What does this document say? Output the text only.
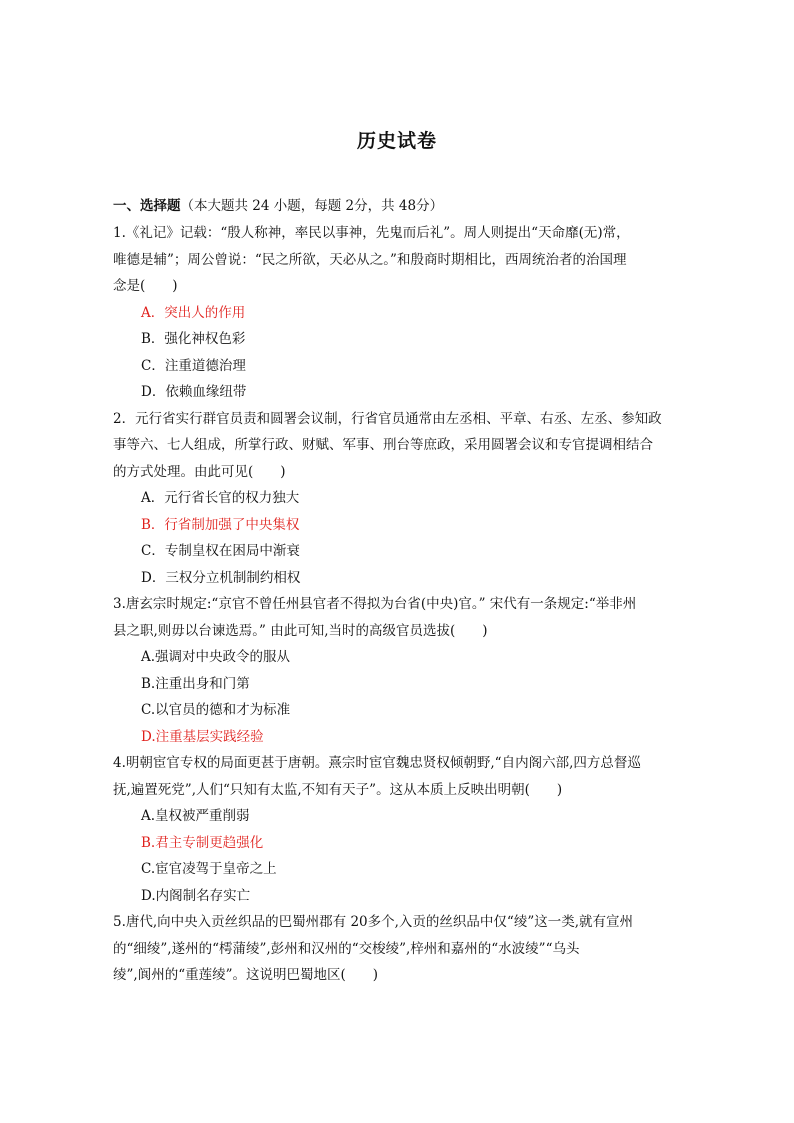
历史试卷
一、选择题（本大题共 24 小题，每题 2分，共 48分）
1.《礼记》记载：“殷人称神，率民以事神，先鬼而后礼”。周人则提出“天命靡(无)常，
唯德是辅”；周公曾说：“民之所欲，天必从之。”和殷商时期相比，西周统治者的治国理
念是(　　)
A．突出人的作用
B．强化神权色彩
C．注重道德治理
D．依赖血缘纽带
2．元行省实行群官员责和圆署会议制，行省官员通常由左丞相、平章、右丞、左丞、参知政
事等六、七人组成，所掌行政、财赋、军事、刑台等庶政，采用圆署会议和专官提调相结合
的方式处理。由此可见(　　)
A．元行省长官的权力独大
B．行省制加强了中央集权
C．专制皇权在困局中渐衰
D．三权分立机制制约相权
3.唐玄宗时规定:“京官不曾任州县官者不得拟为台省(中央)官。” 宋代有一条规定:“举非州
县之职,则毋以台谏选焉。” 由此可知,当时的高级官员选拔(　　)
A.强调对中央政令的服从
B.注重出身和门第
C.以官员的德和才为标准
D.注重基层实践经验
4.明朝宦官专权的局面更甚于唐朝。熹宗时宦官魏忠贤权倾朝野,“自内阁六部,四方总督巡
抚,遍置死党”,人们“只知有太监,不知有天子”。这从本质上反映出明朝(　　)
A.皇权被严重削弱
B.君主专制更趋强化
C.宦官凌驾于皇帝之上
D.内阁制名存实亡
5.唐代,向中央入贡丝织品的巴蜀州郡有 20多个,入贡的丝织品中仅“绫”这一类,就有宣州
的“细绫”,遂州的“樗蒲绫”,彭州和汉州的“交梭绫”,梓州和嘉州的“水波绫”“乌头
绫”,阆州的“重莲绫”。这说明巴蜀地区(　　)
